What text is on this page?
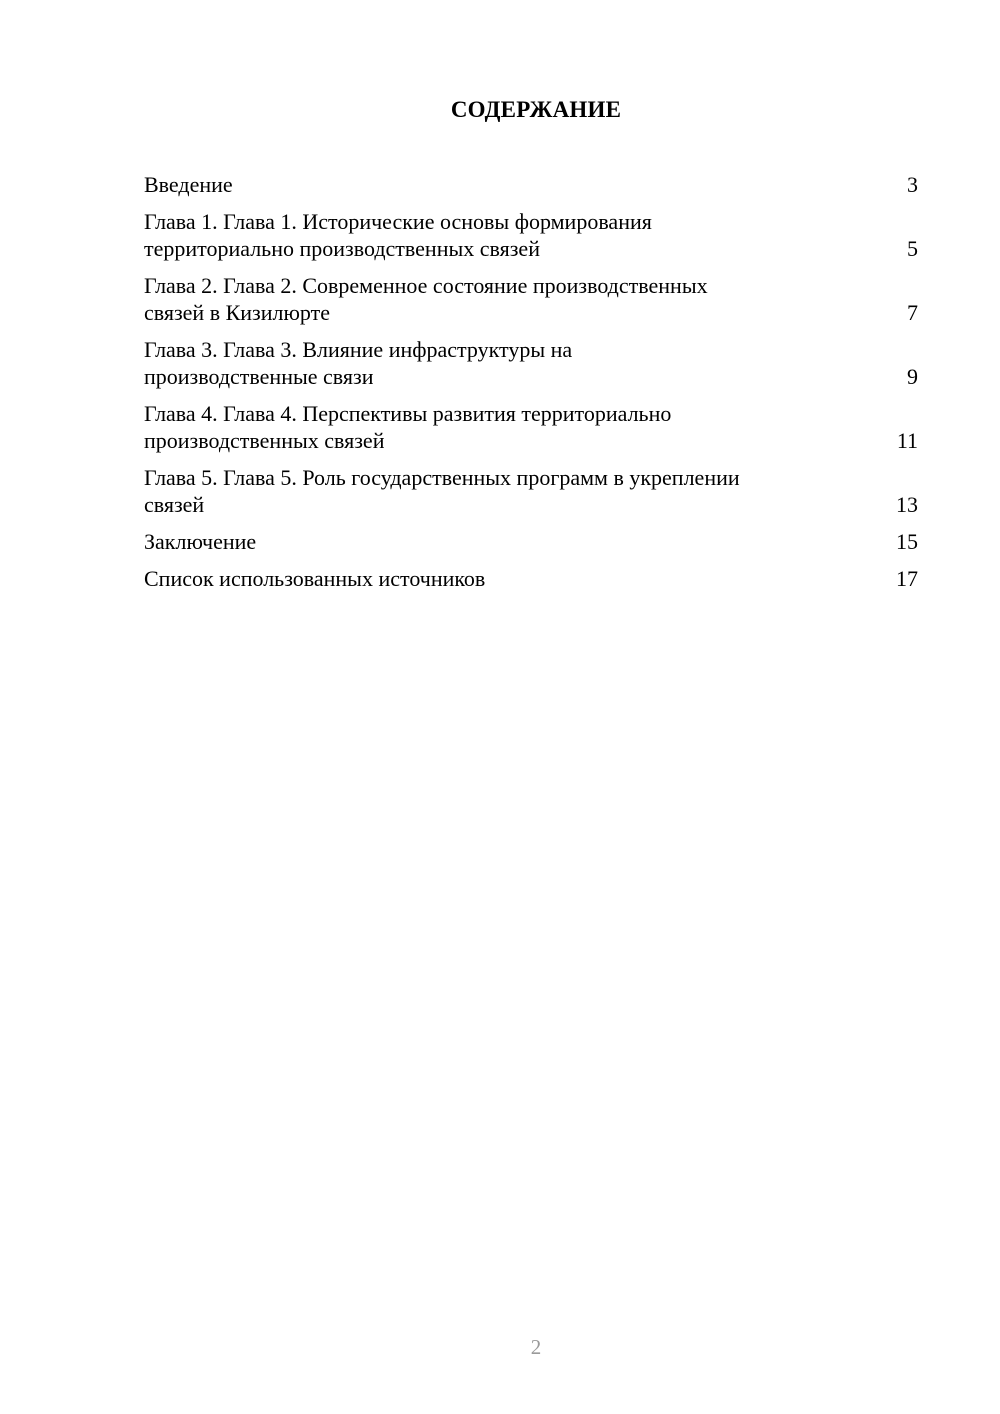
СОДЕРЖАНИЕ
Введение	3
Глава 1. Глава 1. Исторические основы формирования
территориально производственных связей	5
Глава 2. Глава 2. Современное состояние производственных
связей в Кизилюрте	7
Глава 3. Глава 3. Влияние инфраструктуры на
производственные связи	9
Глава 4. Глава 4. Перспективы развития территориально
производственных связей	11
Глава 5. Глава 5. Роль государственных программ в укреплении
связей	13
Заключение	15
Список использованных источников	17
2
